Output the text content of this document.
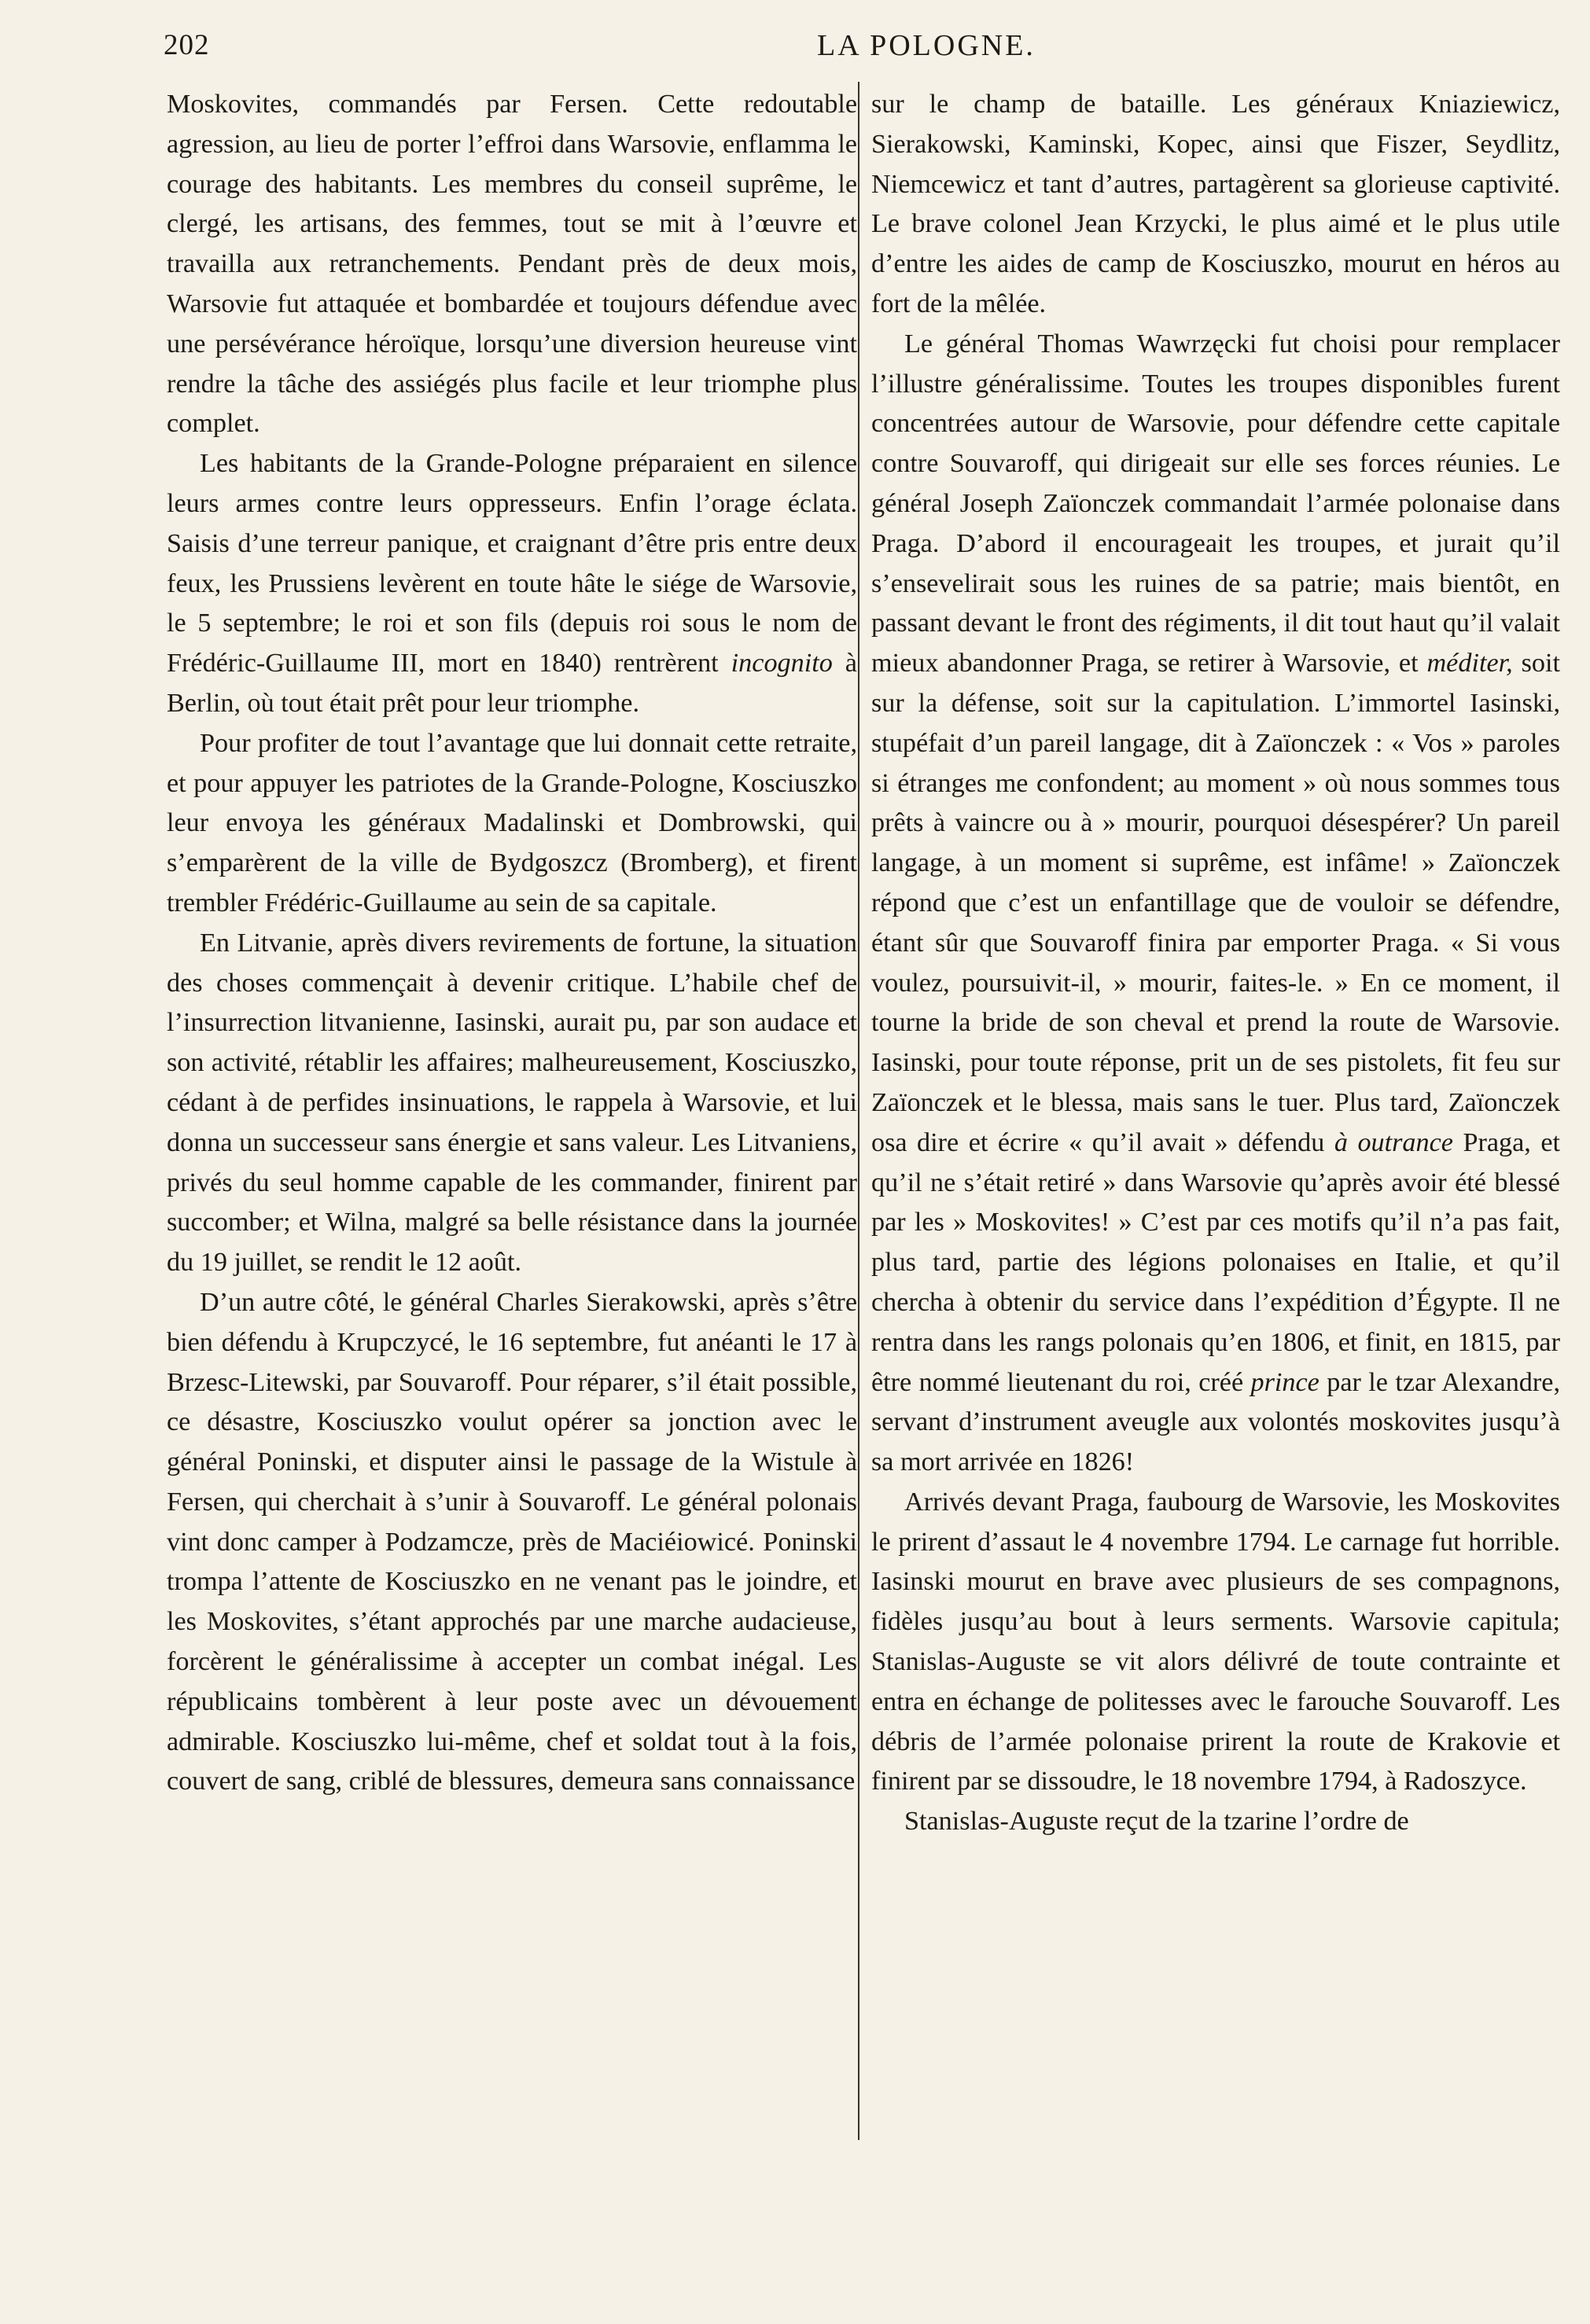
202	LA POLOGNE.

Moskovites, commandés par Fersen. Cette redoutable agression, au lieu de porter l’effroi dans Warsovie, enflamma le courage des habitants. Les membres du conseil suprême, le clergé, les artisans, des femmes, tout se mit à l’œuvre et travailla aux retranchements. Pendant près de deux mois, Warsovie fut attaquée et bombardée et toujours défendue avec une persévérance héroïque, lorsqu’une diversion heureuse vint rendre la tâche des assiégés plus facile et leur triomphe plus complet.

Les habitants de la Grande-Pologne préparaient en silence leurs armes contre leurs oppresseurs. Enfin l’orage éclata. Saisis d’une terreur panique, et craignant d’être pris entre deux feux, les Prussiens levèrent en toute hâte le siége de Warsovie, le 5 septembre; le roi et son fils (depuis roi sous le nom de Frédéric-Guillaume III, mort en 1840) rentrèrent incognito à Berlin, où tout était prêt pour leur triomphe.

Pour profiter de tout l’avantage que lui donnait cette retraite, et pour appuyer les patriotes de la Grande-Pologne, Kosciuszko leur envoya les généraux Madalinski et Dombrowski, qui s’emparèrent de la ville de Bydgoszcz (Bromberg), et firent trembler Frédéric-Guillaume au sein de sa capitale.

En Litvanie, après divers revirements de fortune, la situation des choses commençait à devenir critique. L’habile chef de l’insurrection litvanienne, Iasinski, aurait pu, par son audace et son activité, rétablir les affaires; malheureusement, Kosciuszko, cédant à de perfides insinuations, le rappela à Warsovie, et lui donna un successeur sans énergie et sans valeur. Les Litvaniens, privés du seul homme capable de les commander, finirent par succomber; et Wilna, malgré sa belle résistance dans la journée du 19 juillet, se rendit le 12 août.

D’un autre côté, le général Charles Sierakowski, après s’être bien défendu à Krupczycé, le 16 septembre, fut anéanti le 17 à Brzesc-Litewski, par Souvaroff. Pour réparer, s’il était possible, ce désastre, Kosciuszko voulut opérer sa jonction avec le général Poninski, et disputer ainsi le passage de la Wistule à Fersen, qui cherchait à s’unir à Souvaroff. Le général polonais vint donc camper à Podzamcze, près de Maciéiowicé. Poninski trompa l’attente de Kosciuszko en ne venant pas le joindre, et les Moskovites, s’étant approchés par une marche audacieuse, forcèrent le généralissime à accepter un combat inégal. Les républicains tombèrent à leur poste avec un dévouement admirable. Kosciuszko lui-même, chef et soldat tout à la fois, couvert de sang, criblé de blessures, demeura sans connaissance

sur le champ de bataille. Les généraux Kniaziewicz, Sierakowski, Kaminski, Kopec, ainsi que Fiszer, Seydlitz, Niemcewicz et tant d’autres, partagèrent sa glorieuse captivité. Le brave colonel Jean Krzycki, le plus aimé et le plus utile d’entre les aides de camp de Kosciuszko, mourut en héros au fort de la mêlée.

Le général Thomas Wawrzęcki fut choisi pour remplacer l’illustre généralissime. Toutes les troupes disponibles furent concentrées autour de Warsovie, pour défendre cette capitale contre Souvaroff, qui dirigeait sur elle ses forces réunies. Le général Joseph Zaïonczek commandait l’armée polonaise dans Praga. D’abord il encourageait les troupes, et jurait qu’il s’ensevelirait sous les ruines de sa patrie; mais bientôt, en passant devant le front des régiments, il dit tout haut qu’il valait mieux abandonner Praga, se retirer à Warsovie, et méditer, soit sur la défense, soit sur la capitulation. L’immortel Iasinski, stupéfait d’un pareil langage, dit à Zaïonczek : « Vos » paroles si étranges me confondent; au moment » où nous sommes tous prêts à vaincre ou à » mourir, pourquoi désespérer? Un pareil langage, à un moment si suprême, est infâme! » Zaïonczek répond que c’est un enfantillage que de vouloir se défendre, étant sûr que Souvaroff finira par emporter Praga. « Si vous voulez, poursuivit-il, » mourir, faites-le. » En ce moment, il tourne la bride de son cheval et prend la route de Warsovie. Iasinski, pour toute réponse, prit un de ses pistolets, fit feu sur Zaïonczek et le blessa, mais sans le tuer. Plus tard, Zaïonczek osa dire et écrire « qu’il avait » défendu à outrance Praga, et qu’il ne s’était retiré » dans Warsovie qu’après avoir été blessé par les » Moskovites! » C’est par ces motifs qu’il n’a pas fait, plus tard, partie des légions polonaises en Italie, et qu’il chercha à obtenir du service dans l’expédition d’Égypte. Il ne rentra dans les rangs polonais qu’en 1806, et finit, en 1815, par être nommé lieutenant du roi, créé prince par le tzar Alexandre, servant d’instrument aveugle aux volontés moskovites jusqu’à sa mort arrivée en 1826!

Arrivés devant Praga, faubourg de Warsovie, les Moskovites le prirent d’assaut le 4 novembre 1794. Le carnage fut horrible. Iasinski mourut en brave avec plusieurs de ses compagnons, fidèles jusqu’au bout à leurs serments. Warsovie capitula; Stanislas-Auguste se vit alors délivré de toute contrainte et entra en échange de politesses avec le farouche Souvaroff. Les débris de l’armée polonaise prirent la route de Krakovie et finirent par se dissoudre, le 18 novembre 1794, à Radoszyce.

Stanislas-Auguste reçut de la tzarine l’ordre de
